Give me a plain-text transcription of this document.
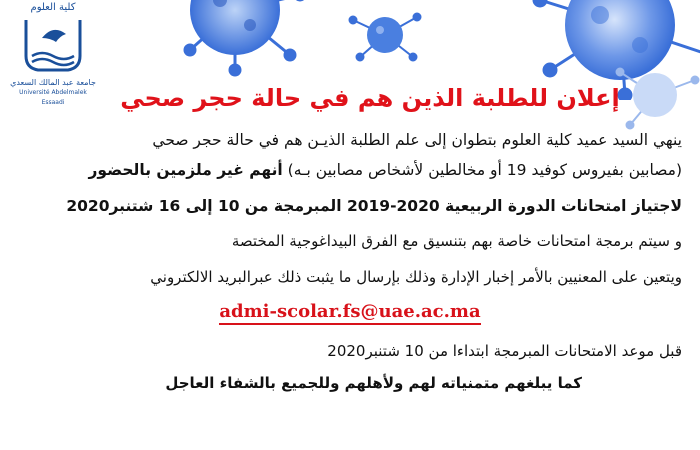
كلية العلوم
جامعة عبد المالك السعدي
Université Abdelmalek Essaadi	إعلان للطلبة الذين هم في حالة حجر صحي
ينهي السيد عميد كلية العلوم بتطوان إلى علم الطلبة الذيـن هم في حالة حجر صحي
(مصابين بفيروس كوفيد 19 أو مخالطين لأشخاص مصابين بـه) أنهم غير ملزمين بالحضور
لاجتياز امتحانات الدورة الربيعية 2020-2019 المبرمجة من 10 إلى 16 شتنبر2020
و سيتم برمجة امتحانات خاصة بهم بتنسيق مع الفرق البيداغوجية المختصة
ويتعين على المعنيين بالأمر إخبار الإدارة وذلك بإرسال ما يثبت ذلك عبرالبريد الالكتروني
admi-scolar.fs@uae.ac.ma
قبل موعد الامتحانات المبرمجة ابتداءا من 10 شتنبر2020
كما يبلغهم متمنياته لهم ولأهلهم وللجميع بالشفاء العاجل
